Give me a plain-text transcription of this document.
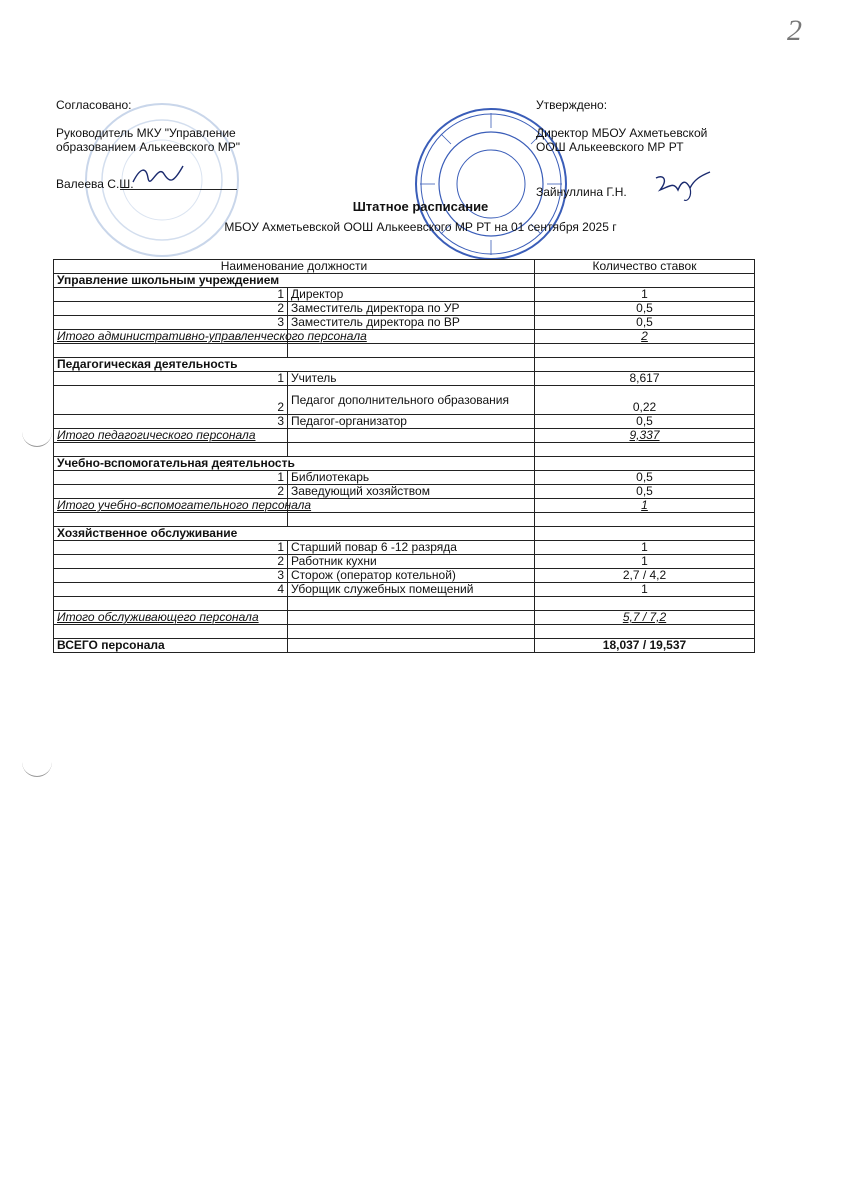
2
Согласовано:
Руководитель МКУ "Управление
образованием Алькеевского МР"
Валеева С.Ш.
Утверждено:
Директор МБОУ Ахметьевской
ООШ Алькеевского МР РТ
Зайнуллина Г.Н.
Штатное расписание
МБОУ Ахметьевской ООШ Алькеевского МР РТ на 01 сентября 2025 г
Наименование должности		Количество ставок
Управление школьным учреждением		
1	Директор	1
2	Заместитель директора по УР	0,5
3	Заместитель директора по ВР	0,5
Итого административно-управленческого персонала		2

Педагогическая деятельность		
1	Учитель	8,617
2	Педагог дополнительного образования	0,22
3	Педагог-организатор	0,5
Итого педагогического персонала		9,337

Учебно-вспомогательная деятельность		
1	Библиотекарь	0,5
2	Заведующий хозяйством	0,5
Итого учебно-вспомогательного персонала		1

Хозяйственное обслуживание		
1	Старший повар 6 -12 разряда	1
2	Работник кухни	1
3	Сторож (оператор котельной)	2,7 / 4,2
4	Уборщик служебных помещений	1

Итого обслуживающего персонала		5,7 / 7,2

ВСЕГО персонала		18,037 / 19,537
